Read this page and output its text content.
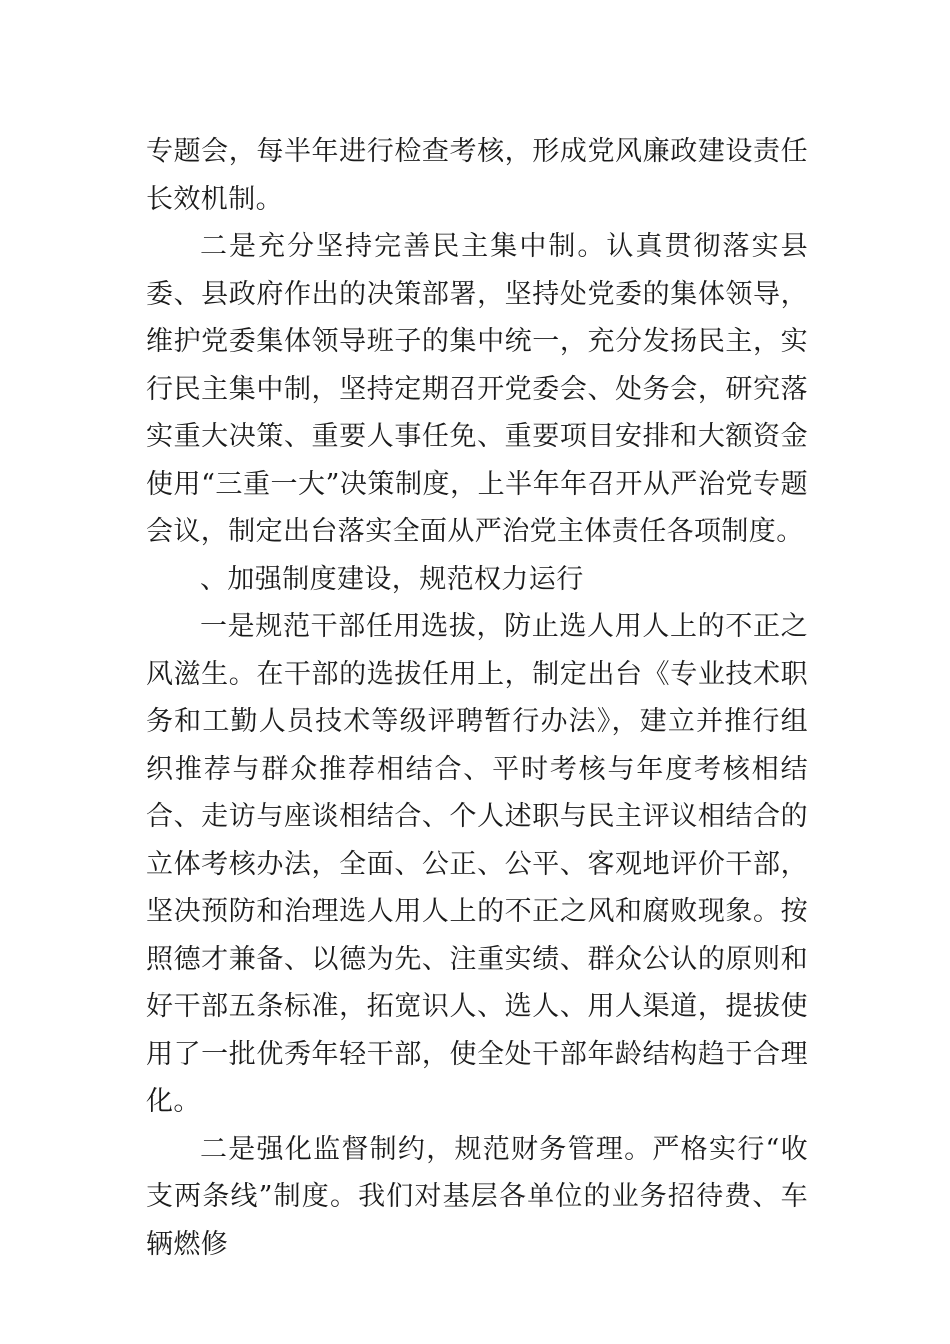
专题会，每半年进行检查考核，形成党风廉政建设责任长效机制。

二是充分坚持完善民主集中制。认真贯彻落实县委、县政府作出的决策部署，坚持处党委的集体领导，维护党委集体领导班子的集中统一，充分发扬民主，实行民主集中制，坚持定期召开党委会、处务会，研究落实重大决策、重要人事任免、重要项目安排和大额资金使用“三重一大”决策制度，上半年年召开从严治党专题会议，制定出台落实全面从严治党主体责任各项制度。

、加强制度建设，规范权力运行

一是规范干部任用选拔，防止选人用人上的不正之风滋生。在干部的选拔任用上，制定出台《专业技术职务和工勤人员技术等级评聘暂行办法》，建立并推行组织推荐与群众推荐相结合、平时考核与年度考核相结合、走访与座谈相结合、个人述职与民主评议相结合的立体考核办法，全面、公正、公平、客观地评价干部，坚决预防和治理选人用人上的不正之风和腐败现象。按照德才兼备、以德为先、注重实绩、群众公认的原则和好干部五条标准，拓宽识人、选人、用人渠道，提拔使用了一批优秀年轻干部，使全处干部年龄结构趋于合理化。

二是强化监督制约，规范财务管理。严格实行“收支两条线”制度。我们对基层各单位的业务招待费、车辆燃修
